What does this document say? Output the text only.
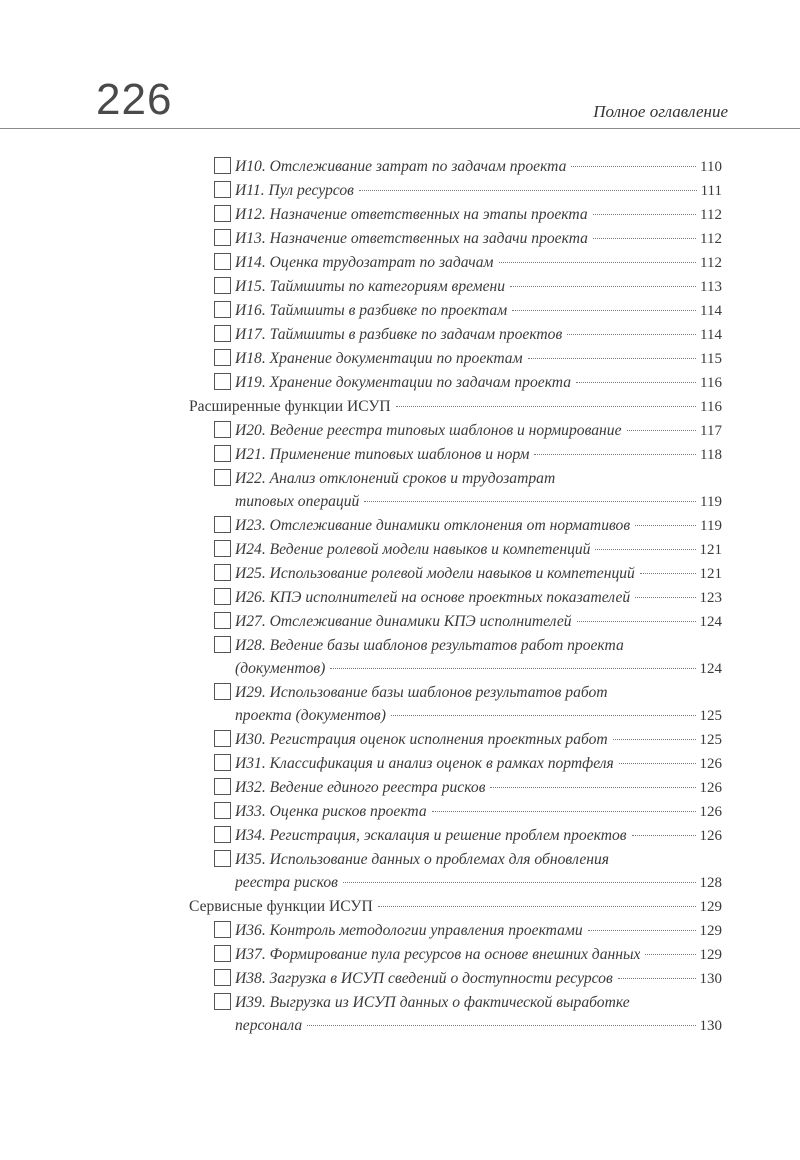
226	Полное оглавление
И10. Отслеживание затрат по задачам проекта	110
И11. Пул ресурсов	111
И12. Назначение ответственных на этапы проекта	112
И13. Назначение ответственных на задачи проекта	112
И14. Оценка трудозатрат по задачам	112
И15. Таймшиты по категориям времени	113
И16. Таймшиты в разбивке по проектам	114
И17. Таймшиты в разбивке по задачам проектов	114
И18. Хранение документации по проектам	115
И19. Хранение документации по задачам проекта	116
Расширенные функции ИСУП	116
И20. Ведение реестра типовых шаблонов и нормирование	117
И21. Применение типовых шаблонов и норм	118
И22. Анализ отклонений сроков и трудозатрат
типовых операций	119
И23. Отслеживание динамики отклонения от нормативов	119
И24. Ведение ролевой модели навыков и компетенций	121
И25. Использование ролевой модели навыков и компетенций	121
И26. КПЭ исполнителей на основе проектных показателей	123
И27. Отслеживание динамики КПЭ исполнителей	124
И28. Ведение базы шаблонов результатов работ проекта
(документов)	124
И29. Использование базы шаблонов результатов работ
проекта (документов)	125
И30. Регистрация оценок исполнения проектных работ	125
И31. Классификация и анализ оценок в рамках портфеля	126
И32. Ведение единого реестра рисков	126
И33. Оценка рисков проекта	126
И34. Регистрация, эскалация и решение проблем проектов	126
И35. Использование данных о проблемах для обновления
реестра рисков	128
Сервисные функции ИСУП	129
И36. Контроль методологии управления проектами	129
И37. Формирование пула ресурсов на основе внешних данных	129
И38. Загрузка в ИСУП сведений о доступности ресурсов	130
И39. Выгрузка из ИСУП данных о фактической выработке
персонала	130
